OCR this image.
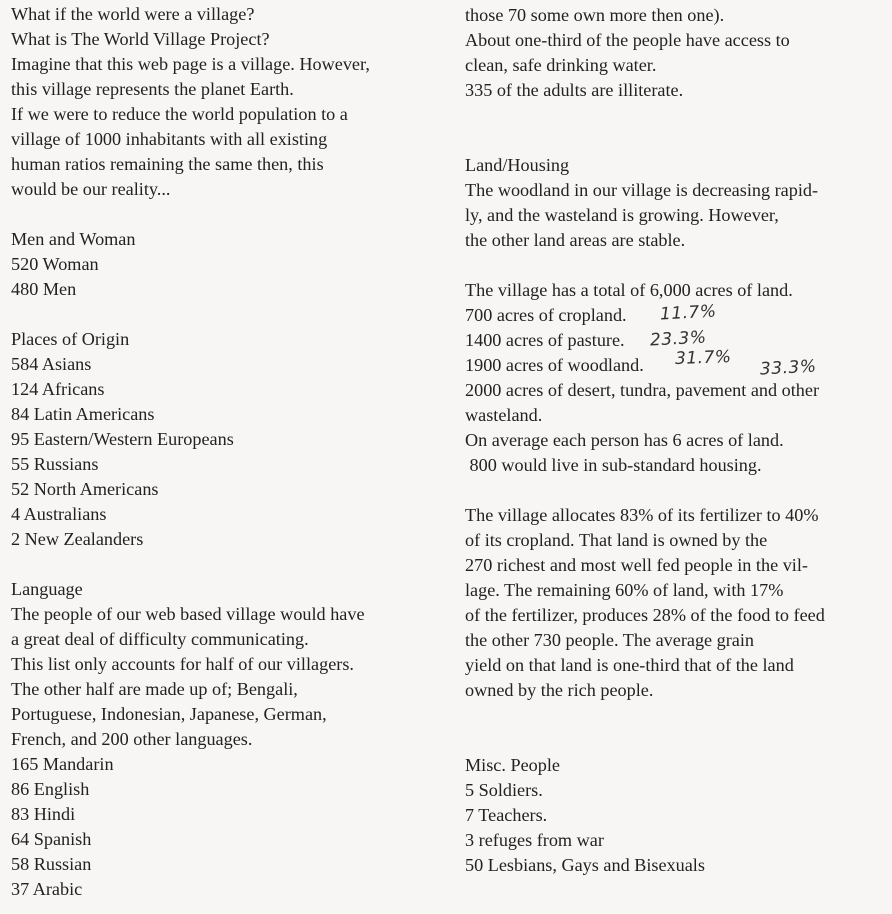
What if the world were a village?
What is The World Village Project?
Imagine that this web page is a village. However,
this village represents the planet Earth.
If we were to reduce the world population to a
village of 1000 inhabitants with all existing
human ratios remaining the same then, this
would be our reality...
Men and Woman
520 Woman
480 Men
Places of Origin
584 Asians
124 Africans
84 Latin Americans
95 Eastern/Western Europeans
55 Russians
52 North Americans
4 Australians
2 New Zealanders
Language
The people of our web based village would have
a great deal of difficulty communicating.
This list only accounts for half of our villagers.
The other half are made up of; Bengali,
Portuguese, Indonesian, Japanese, German,
French, and 200 other languages.
165 Mandarin
86 English
83 Hindi
64 Spanish
58 Russian
37 Arabic
those 70 some own more then one).
About one-third of the people have access to
clean, safe drinking water.
335 of the adults are illiterate.
Land/Housing
The woodland in our village is decreasing rapid-
ly, and the wasteland is growing. However,
the other land areas are stable.
The village has a total of 6,000 acres of land.
700 acres of cropland.
1400 acres of pasture.
1900 acres of woodland.
2000 acres of desert, tundra, pavement and other
wasteland.
On average each person has 6 acres of land.
800 would live in sub-standard housing.
The village allocates 83% of its fertilizer to 40%
of its cropland. That land is owned by the
270 richest and most well fed people in the vil-
lage. The remaining 60% of land, with 17%
of the fertilizer, produces 28% of the food to feed
the other 730 people. The average grain
yield on that land is one-third that of the land
owned by the rich people.
Misc. People
5 Soldiers.
7 Teachers.
3 refuges from war
50 Lesbians, Gays and Bisexuals
11.7%
23.3%
31.7% 33.3%
